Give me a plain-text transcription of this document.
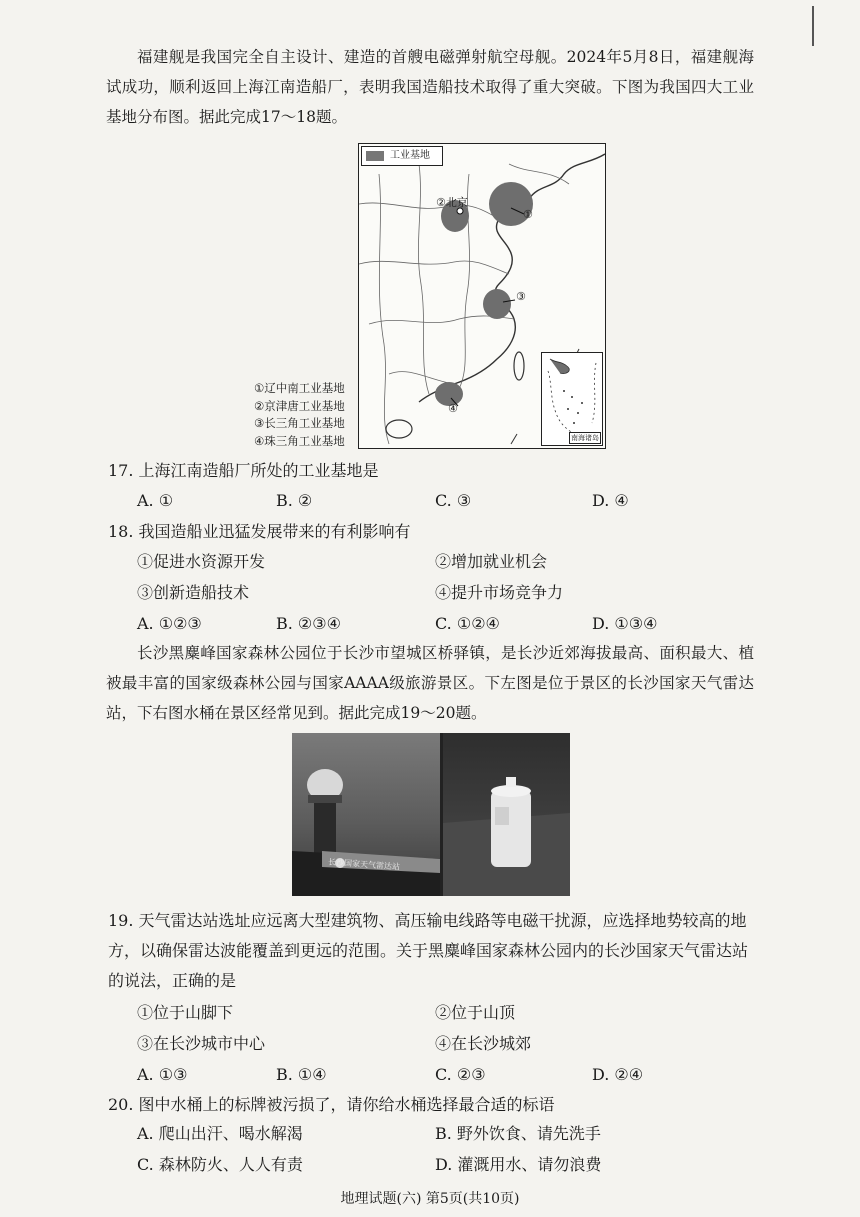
福建舰是我国完全自主设计、建造的首艘电磁弹射航空母舰。2024年5月8日，福建舰海试成功，顺利返回上海江南造船厂，表明我国造船技术取得了重大突破。下图为我国四大工业基地分布图。据此完成17～18题。

工业基地
②北京
①
③
④
南海诸岛
①辽中南工业基地
②京津唐工业基地
③长三角工业基地
④珠三角工业基地
17. 上海江南造船厂所处的工业基地是
A. ①	B. ②	C. ③	D. ④
18. 我国造船业迅猛发展带来的有利影响有
①促进水资源开发	②增加就业机会
③创新造船技术	④提升市场竞争力
A. ①②③	B. ②③④	C. ①②④	D. ①③④

长沙黑麋峰国家森林公园位于长沙市望城区桥驿镇，是长沙近郊海拔最高、面积最大、植被最丰富的国家级森林公园与国家AAAA级旅游景区。下左图是位于景区的长沙国家天气雷达站，下右图水桶在景区经常见到。据此完成19～20题。

长沙国家天气雷达站
19. 天气雷达站选址应远离大型建筑物、高压输电线路等电磁干扰源，应选择地势较高的地方，以确保雷达波能覆盖到更远的范围。关于黑麋峰国家森林公园内的长沙国家天气雷达站的说法，正确的是
①位于山脚下	②位于山顶
③在长沙城市中心	④在长沙城郊
A. ①③	B. ①④	C. ②③	D. ②④
20. 图中水桶上的标牌被污损了，请你给水桶选择最合适的标语
A. 爬山出汗、喝水解渴	B. 野外饮食、请先洗手
C. 森林防火、人人有责	D. 灌溉用水、请勿浪费
地理试题(六) 第5页(共10页)
